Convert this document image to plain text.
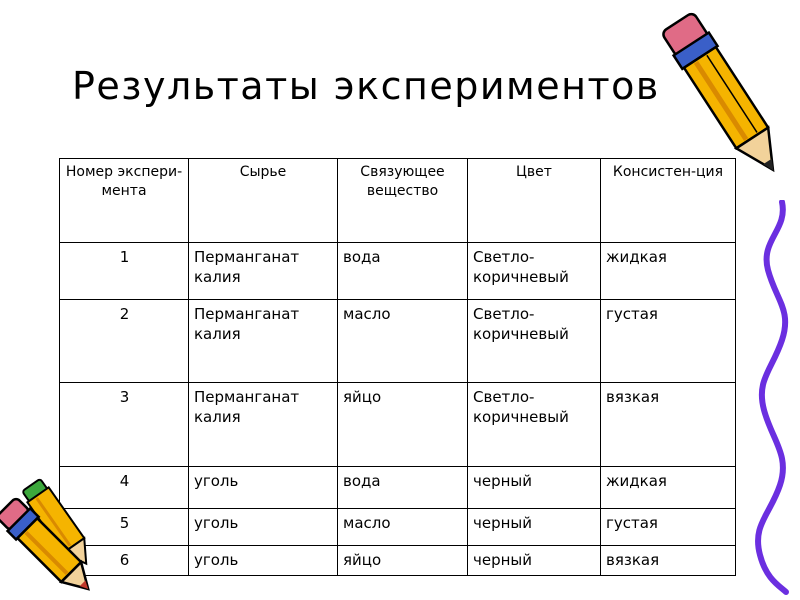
Результаты экспериментов
Номер экспери-мента	Сырье	Связующее вещество	Цвет	Консистен-ция
1	Перманганат калия	вода	Светло-коричневый	жидкая
2	Перманганат калия	масло	Светло-коричневый	густая
3	Перманганат калия	яйцо	Светло-коричневый	вязкая
4	уголь	вода	черный	жидкая
5	уголь	масло	черный	густая
6	уголь	яйцо	черный	вязкая
